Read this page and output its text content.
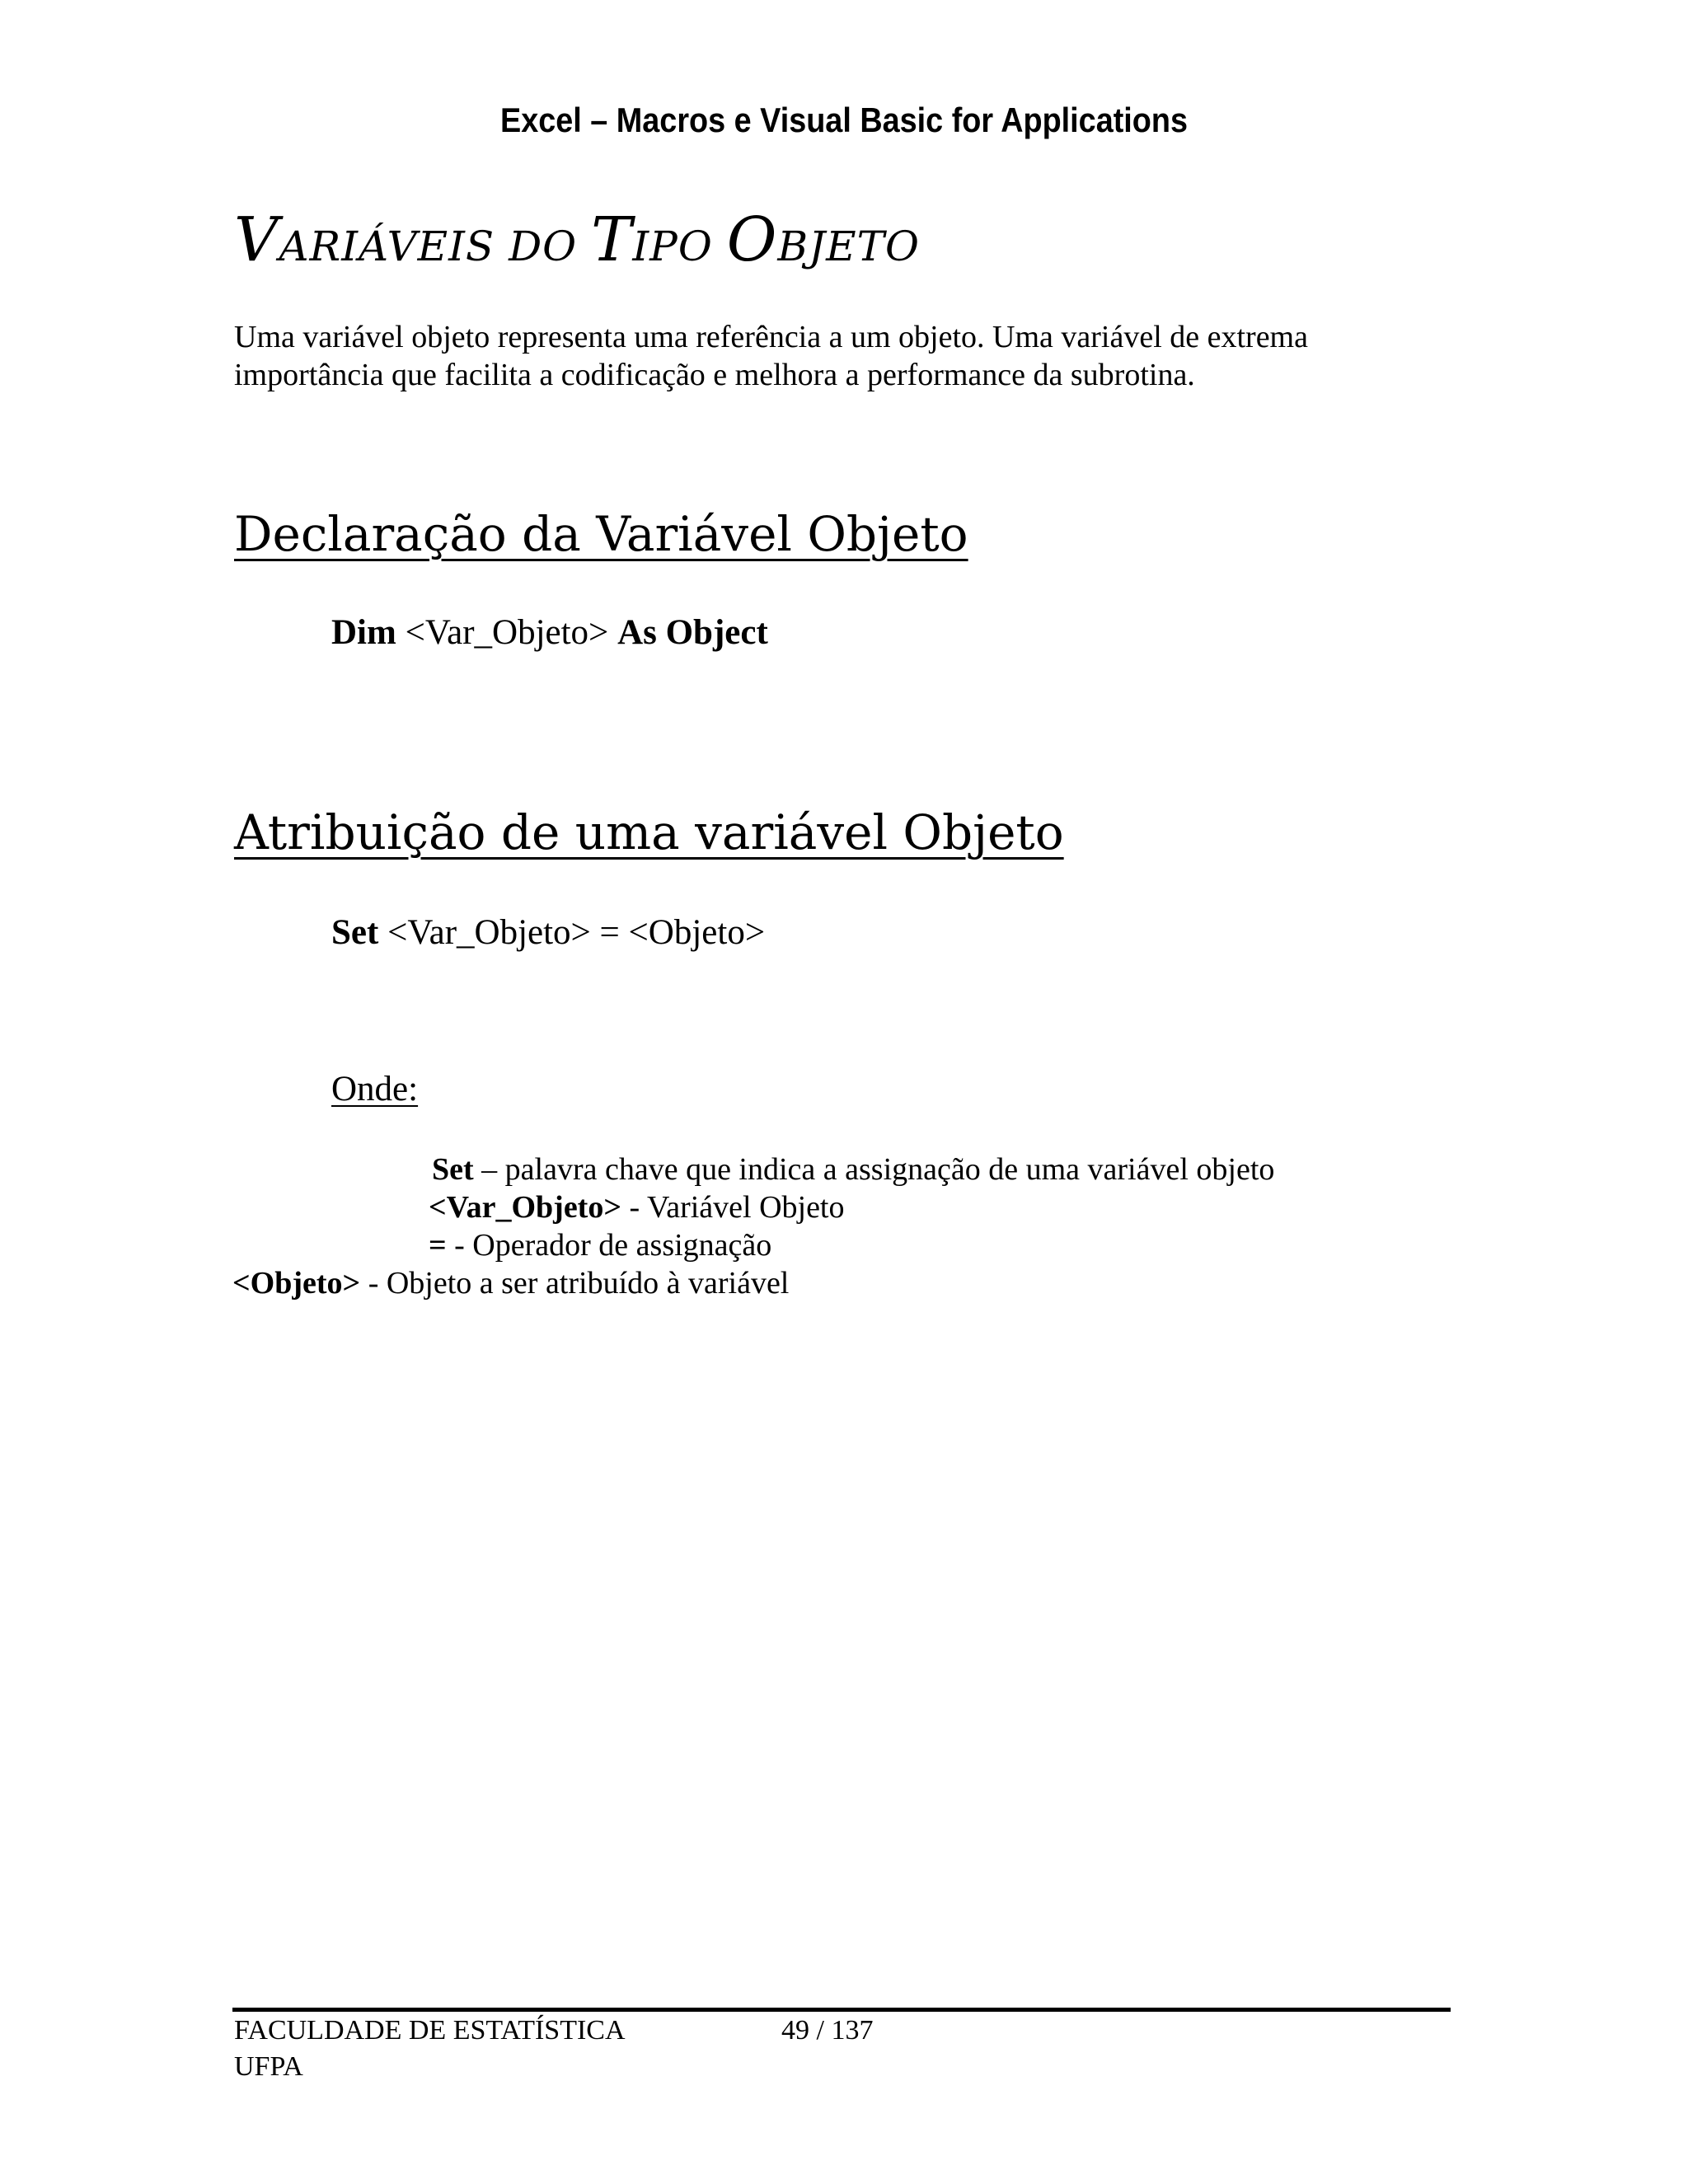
Excel – Macros e Visual Basic for Applications
VARIÁVEIS DO TIPO OBJETO
Uma variável objeto representa uma referência a um objeto. Uma variável de extrema
importância que facilita a codificação e melhora a performance da subrotina.
Declaração da Variável Objeto
Dim <Var_Objeto> As Object
Atribuição de uma variável Objeto
Set <Var_Objeto> = <Objeto>
Onde:
Set – palavra chave que indica a assignação de uma variável objeto
<Var_Objeto> - Variável Objeto
= - Operador de assignação
<Objeto> - Objeto a ser atribuído à variável
FACULDADE DE ESTATÍSTICA
UFPA
49 / 137
